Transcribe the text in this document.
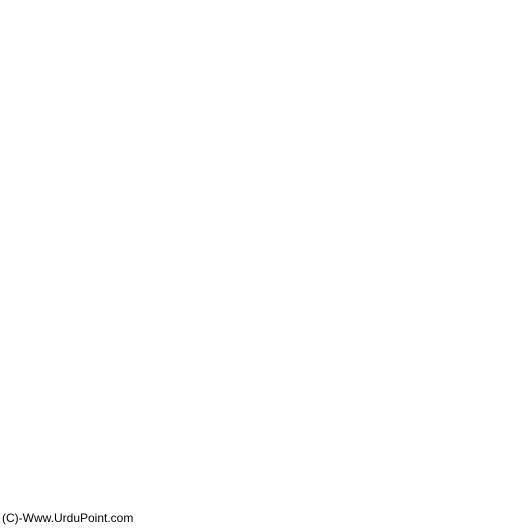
(C)-Www.UrduPoint.com
